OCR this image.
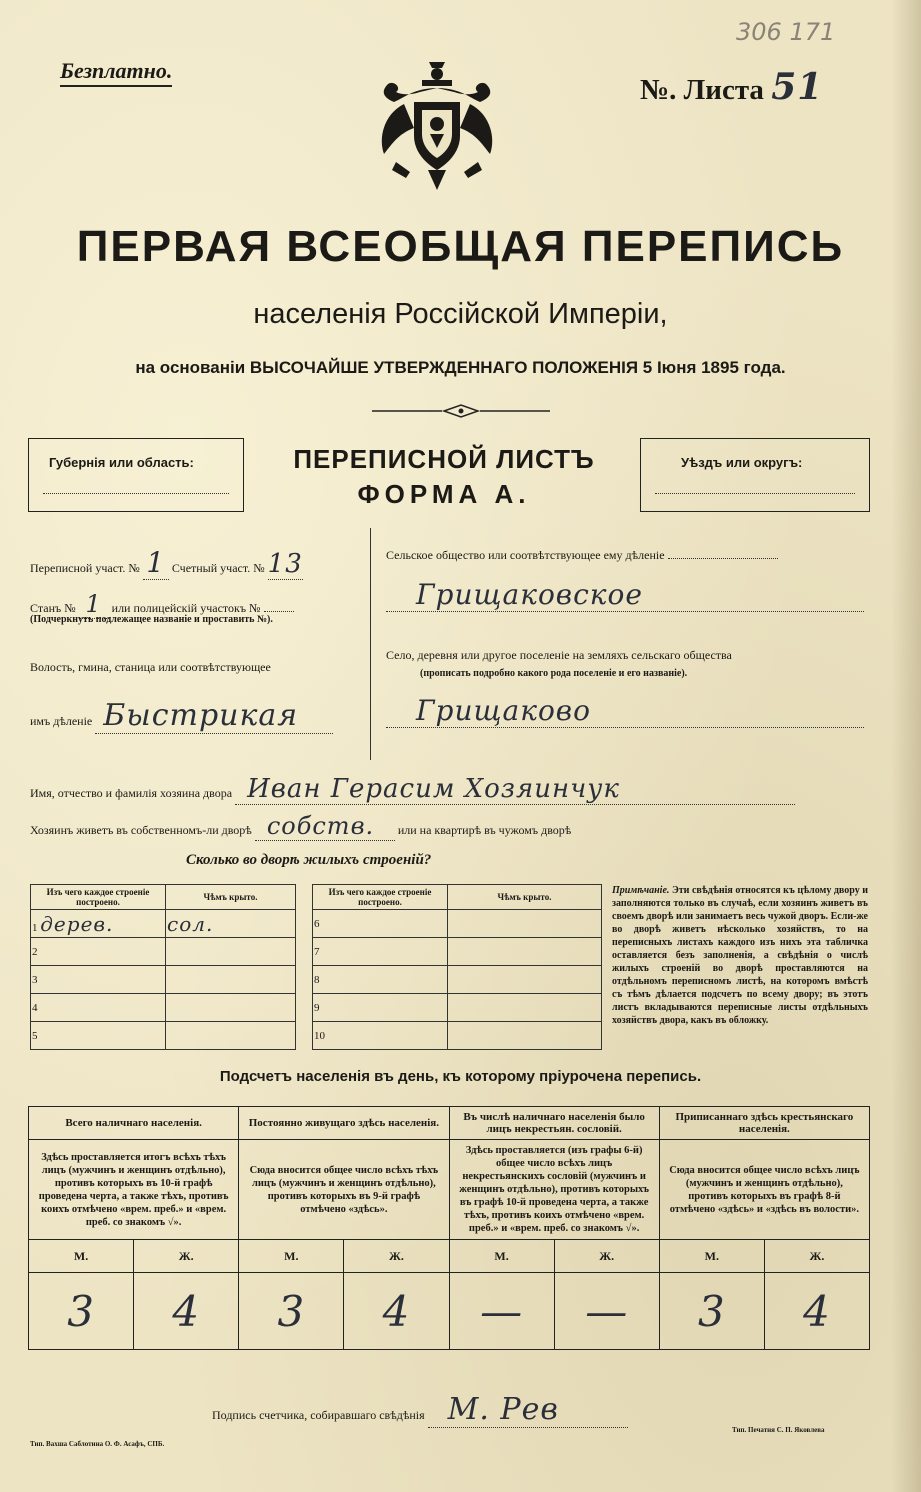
Безплатно.
№. Листа 51
306 171
ПЕРВАЯ ВСЕОБЩАЯ ПЕРЕПИСЬ
населенія Россійской Имперіи,
на основаніи ВЫСОЧАЙШЕ УТВЕРЖДЕННАГО ПОЛОЖЕНІЯ 5 Іюня 1895 года.
Губернія или область:	ПЕРЕПИСНОЙ ЛИСТЪ
ФОРМА А.
Уѣздъ или округъ:
Переписной участ. № 1 Счетный участ. № 13
Станъ № 1 или полицейскій участокъ №
(Подчеркнуть подлежащее названіе и проставить №).
Волость, гмина, станица или соотвѣтствующее
имъ дѣленіе Быстрикая
Сельское общество или соотвѣтствующее ему дѣленіе
Грищаковское
Село, деревня или другое поселеніе на земляхъ сельскаго общества
(прописать подробно какого рода поселеніе и его названіе).
Грищаково
Имя, отчество и фамилія хозяина двора Иван Герасим Хозяинчук
Хозяинъ живетъ въ собственномъ-ли дворѣ собств. или на квартирѣ въ чужомъ дворѣ
Сколько во дворѣ жилыхъ строеній?
Изъ чего каждое строеніе построено.	Чѣмъ крыто.
1 дерев.	сол.
2	
3	
4	
5	
Изъ чего каждое строеніе построено.	Чѣмъ крыто.
6	
7	
8	
9	
10	
Примѣчаніе. Эти свѣдѣнія относятся къ цѣлому двору и заполняются только въ случаѣ, если хозяинъ живетъ въ своемъ дворѣ или занимаетъ весь чужой дворъ. Если-же во дворѣ живетъ нѣсколько хозяйствъ, то на переписныхъ листахъ каждого изъ нихъ эта табличка оставляется безъ заполненія, а свѣдѣнія о числѣ жилыхъ строеній во дворѣ проставляются на отдѣльномъ переписномъ листѣ, на которомъ вмѣстѣ съ тѣмъ дѣлается подсчетъ по всему двору; въ этотъ листъ вкладываются переписные листы отдѣльныхъ хозяйствъ двора, какъ въ обложку.
Подсчетъ населенія въ день, къ которому пріурочена перепись.
Всего наличнаго населенія.		Постоянно живущаго здѣсь населенія.		Въ числѣ наличнаго населенія было лицъ некрестьян. сословій.		Приписаннаго здѣсь крестьянскаго населенія.	
Здѣсь проставляется итогъ всѣхъ тѣхъ лицъ (мужчинъ и женщинъ отдѣльно), противъ которыхъ въ 10-й графѣ проведена черта, а также тѣхъ, противъ коихъ отмѣчено «врем. преб.» и «врем. преб. со знакомъ √».		Сюда вносится общее число всѣхъ тѣхъ лицъ (мужчинъ и женщинъ отдѣльно), противъ которыхъ въ 9-й графѣ отмѣчено «здѣсь».		Здѣсь проставляется (изъ графы 6-й) общее число всѣхъ лицъ некрестьянскихъ сословій (мужчинъ и женщинъ отдѣльно), противъ которыхъ въ графѣ 10-й проведена черта, а также тѣхъ, противъ коихъ отмѣчено «врем. преб.» и «врем. преб. со знакомъ √».		Сюда вносится общее число всѣхъ лицъ (мужчинъ и женщинъ отдѣльно), противъ которыхъ въ графѣ 8-й отмѣчено «здѣсь» и «здѣсь въ волости».	
М.	Ж.	М.	Ж.	М.	Ж.	М.	Ж.
3	4	3	4	—	—	3	4
Подпись счетчика, собиравшаго свѣдѣнія М. Рев
Тип. Вахша Саблотина О. Ф. Асафъ, СПБ.
Тип. Печатня С. П. Яковлева
